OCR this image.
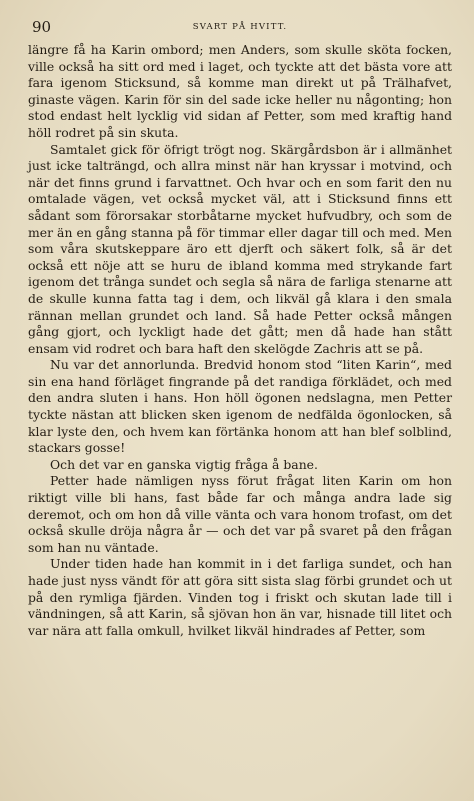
90	SVART PÅ HVITT.

längre få ha Karin ombord; men Anders, som skulle sköta focken, ville också ha sitt ord med i laget, och tyckte att det bästa vore att fara igenom Sticksund, så komme man direkt ut på Trälhafvet, ginaste vägen. Karin för sin del sade icke heller nu någonting; hon stod endast helt lycklig vid sidan af Petter, som med kraftig hand höll rodret på sin skuta.

Samtalet gick för öfrigt trögt nog. Skärgårdsbon är i allmänhet just icke talträngd, och allra minst när han kryssar i motvind, och när det finns grund i farvattnet. Och hvar och en som farit den nu omtalade vägen, vet också mycket väl, att i Sticksund finns ett sådant som förorsakar storbåtarne mycket hufvudbry, och som de mer än en gång stanna på för timmar eller dagar till och med. Men som våra skutskeppare äro ett djerft och säkert folk, så är det också ett nöje att se huru de ibland komma med strykande fart igenom det trånga sundet och segla så nära de farliga stenarne att de skulle kunna fatta tag i dem, och likväl gå klara i den smala rännan mellan grundet och land. Så hade Petter också mången gång gjort, och lyckligt hade det gått; men då hade han stått ensam vid rodret och bara haft den skelögde Zachris att se på.

Nu var det annorlunda. Bredvid honom stod “liten Karin“, med sin ena hand förläget fingrande på det randiga förklädet, och med den andra sluten i hans. Hon höll ögonen nedslagna, men Petter tyckte nästan att blicken sken igenom de nedfälda ögonlocken, så klar lyste den, och hvem kan förtänka honom att han blef solblind, stackars gosse!

Och det var en ganska vigtig fråga å bane.

Petter hade nämligen nyss förut frågat liten Karin om hon riktigt ville bli hans, fast både far och många andra lade sig deremot, och om hon då ville vänta och vara honom trofast, om det också skulle dröja några år — och det var på svaret på den frågan som han nu väntade.

Under tiden hade han kommit in i det farliga sundet, och han hade just nyss vändt för att göra sitt sista slag förbi grundet och ut på den rymliga fjärden. Vinden tog i friskt och skutan lade till i vändningen, så att Karin, så sjövan hon än var, hisnade till litet och var nära att falla omkull, hvilket likväl hindrades af Petter, som
